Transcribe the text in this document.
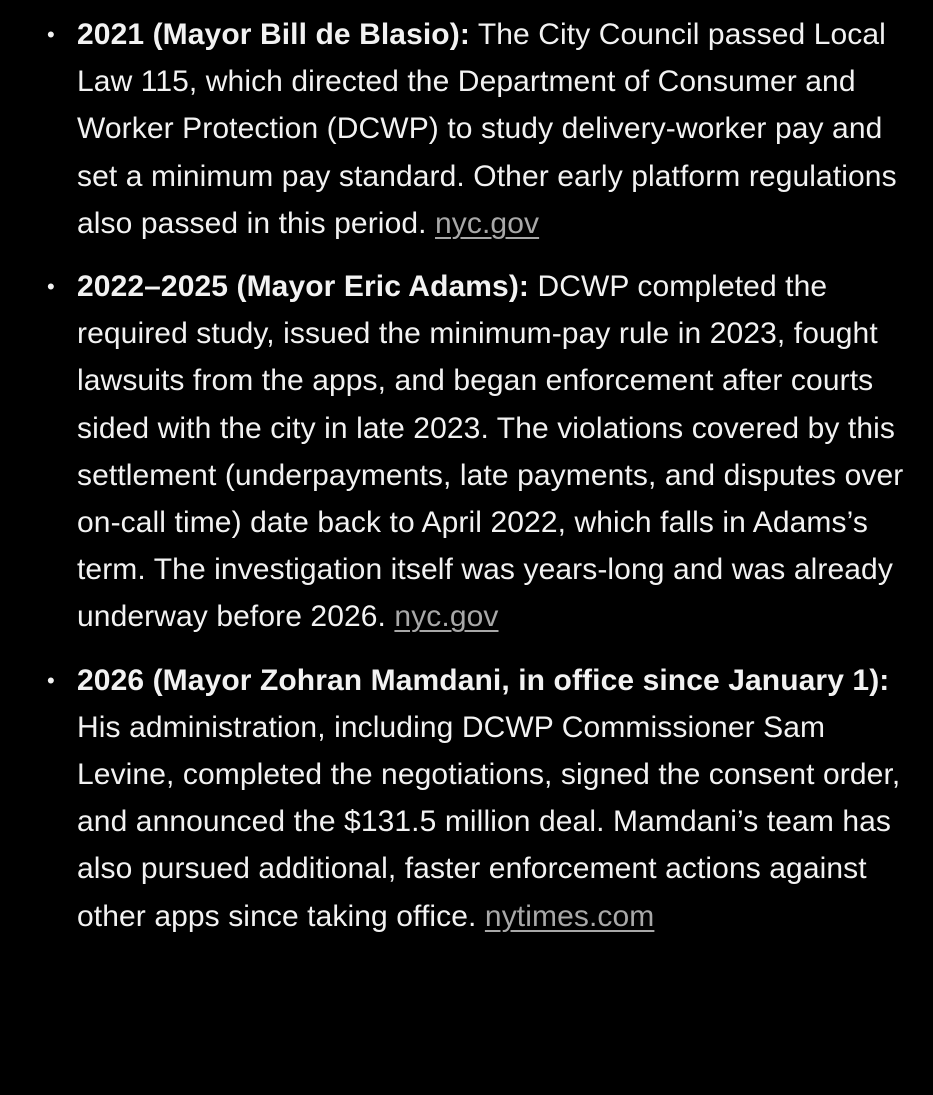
• 2021 (Mayor Bill de Blasio): The City Council passed Local Law 115, which directed the Department of Consumer and Worker Protection (DCWP) to study delivery-worker pay and set a minimum pay standard. Other early platform regulations also passed in this period. nyc.gov
• 2022–2025 (Mayor Eric Adams): DCWP completed the required study, issued the minimum-pay rule in 2023, fought lawsuits from the apps, and began enforcement after courts sided with the city in late 2023. The violations covered by this settlement (underpayments, late payments, and disputes over on-call time) date back to April 2022, which falls in Adams’s term. The investigation itself was years-long and was already underway before 2026. nyc.gov
• 2026 (Mayor Zohran Mamdani, in office since January 1): His administration, including DCWP Commissioner Sam Levine, completed the negotiations, signed the consent order, and announced the $131.5 million deal. Mamdani’s team has also pursued additional, faster enforcement actions against other apps since taking office. nytimes.com
